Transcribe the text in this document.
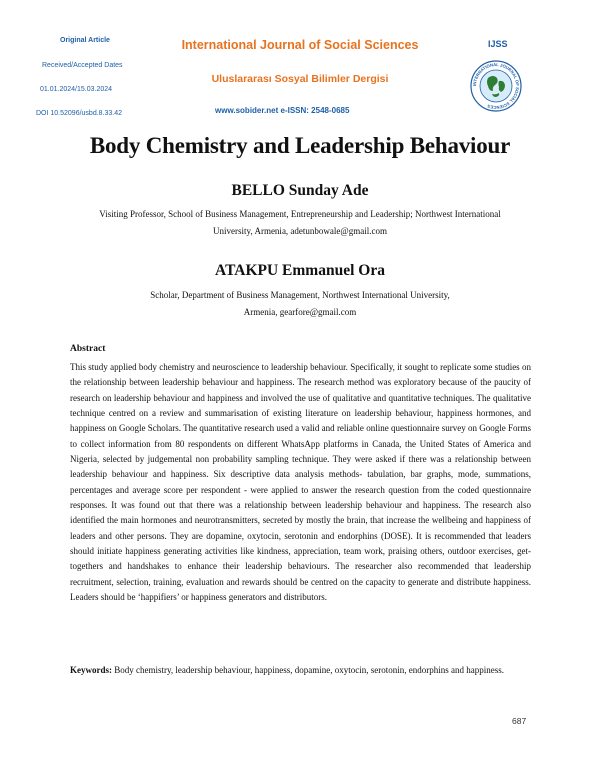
Original Article
Received/Accepted Dates
01.01.2024/15.03.2024
DOI 10.52096/usbd.8.33.42
International Journal of Social Sciences
Uluslararası Sosyal Bilimler Dergisi
www.sobider.net e-ISSN: 2548-0685
IJSS
INTERNATIONAL JOURNAL OF SOCIAL SCIENCES
Body Chemistry and Leadership Behaviour
BELLO Sunday Ade
Visiting Professor, School of Business Management, Entrepreneurship and Leadership; Northwest International
University, Armenia, adetunbowale@gmail.com
ATAKPU Emmanuel Ora
Scholar, Department of Business Management, Northwest International University,
Armenia, gearfore@gmail.com
Abstract

This study applied body chemistry and neuroscience to leadership behaviour. Specifically, it sought to replicate some studies on the relationship between leadership behaviour and happiness. The research method was exploratory because of the paucity of research on leadership behaviour and happiness and involved the use of qualitative and quantitative techniques. The qualitative technique centred on a review and summarisation of existing literature on leadership behaviour, happiness hormones, and happiness on Google Scholars. The quantitative research used a valid and reliable online questionnaire survey on Google Forms to collect information from 80 respondents on different WhatsApp platforms in Canada, the United States of America and Nigeria, selected by judgemental non probability sampling technique. They were asked if there was a relationship between leadership behaviour and happiness. Six descriptive data analysis methods- tabulation, bar graphs, mode, summations, percentages and average score per respondent - were applied to answer the research question from the coded questionnaire responses. It was found out that there was a relationship between leadership behaviour and happiness. The research also identified the main hormones and neurotransmitters, secreted by mostly the brain, that increase the wellbeing and happiness of leaders and other persons. They are dopamine, oxytocin, serotonin and endorphins (DOSE). It is recommended that leaders should initiate happiness generating activities like kindness, appreciation, team work, praising others, outdoor exercises, get-togethers and handshakes to enhance their leadership behaviours. The researcher also recommended that leadership recruitment, selection, training, evaluation and rewards should be centred on the capacity to generate and distribute happiness. Leaders should be ‘happifiers’ or happiness generators and distributors.

Keywords: Body chemistry, leadership behaviour, happiness, dopamine, oxytocin, serotonin, endorphins and happiness.

687
